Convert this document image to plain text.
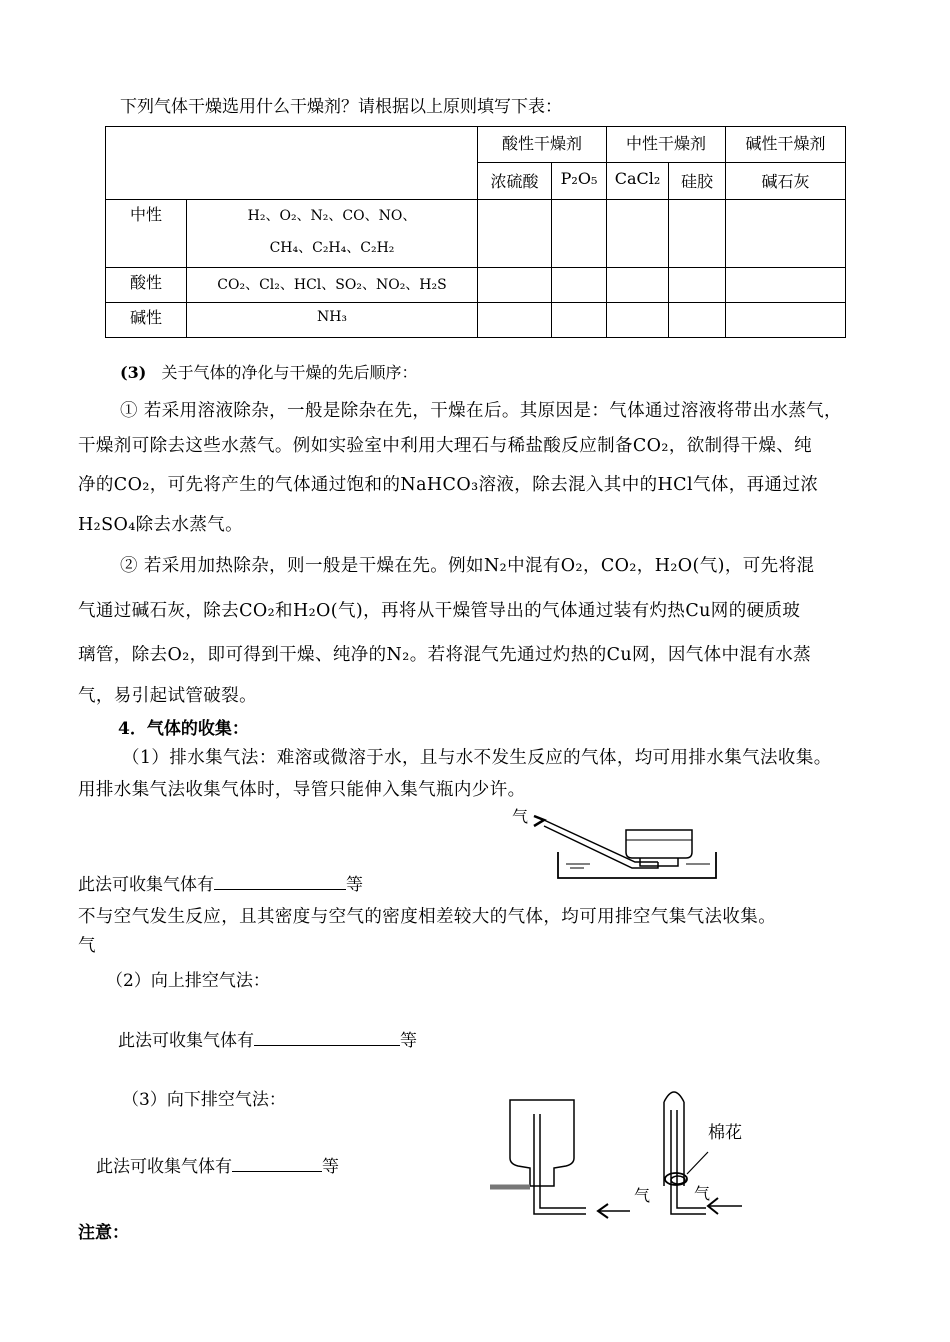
下列气体干燥选用什么干燥剂？请根据以上原则填写下表：
		酸性干燥剂		中性干燥剂		碱性干燥剂
		浓硫酸	P₂O₅	CaCl₂	硅胶	碱石灰
中性	H₂、O₂、N₂、CO、NO、
CH₄、C₂H₄、C₂H₂					

酸性	CO₂、Cl₂、HCl、SO₂、NO₂、H₂S					
碱性	NH₃					
(3) 关于气体的净化与干燥的先后顺序：
① 若采用溶液除杂，一般是除杂在先，干燥在后。其原因是：气体通过溶液将带出水蒸气，
干燥剂可除去这些水蒸气。例如实验室中利用大理石与稀盐酸反应制备CO₂，欲制得干燥、纯
净的CO₂，可先将产生的气体通过饱和的NaHCO₃溶液，除去混入其中的HCl气体，再通过浓
H₂SO₄除去水蒸气。
② 若采用加热除杂，则一般是干燥在先。例如N₂中混有O₂，CO₂，H₂O(气)，可先将混
气通过碱石灰，除去CO₂和H₂O(气)，再将从干燥管导出的气体通过装有灼热Cu网的硬质玻
璃管，除去O₂，即可得到干燥、纯净的N₂。若将混气先通过灼热的Cu网，因气体中混有水蒸
气，易引起试管破裂。
4．气体的收集：
（1）排水集气法：难溶或微溶于水，且与水不发生反应的气体，均可用排水集气法收集。
用排水集气法收集气体时，导管只能伸入集气瓶内少许。
气
此法可收集气体有	等
不与空气发生反应，且其密度与空气的密度相差较大的气体，均可用排空气集气法收集。
气
（2）向上排空气法：
此法可收集气体有	等
（3）向下排空气法：
此法可收集气体有	等
气
棉花
气
注意：
